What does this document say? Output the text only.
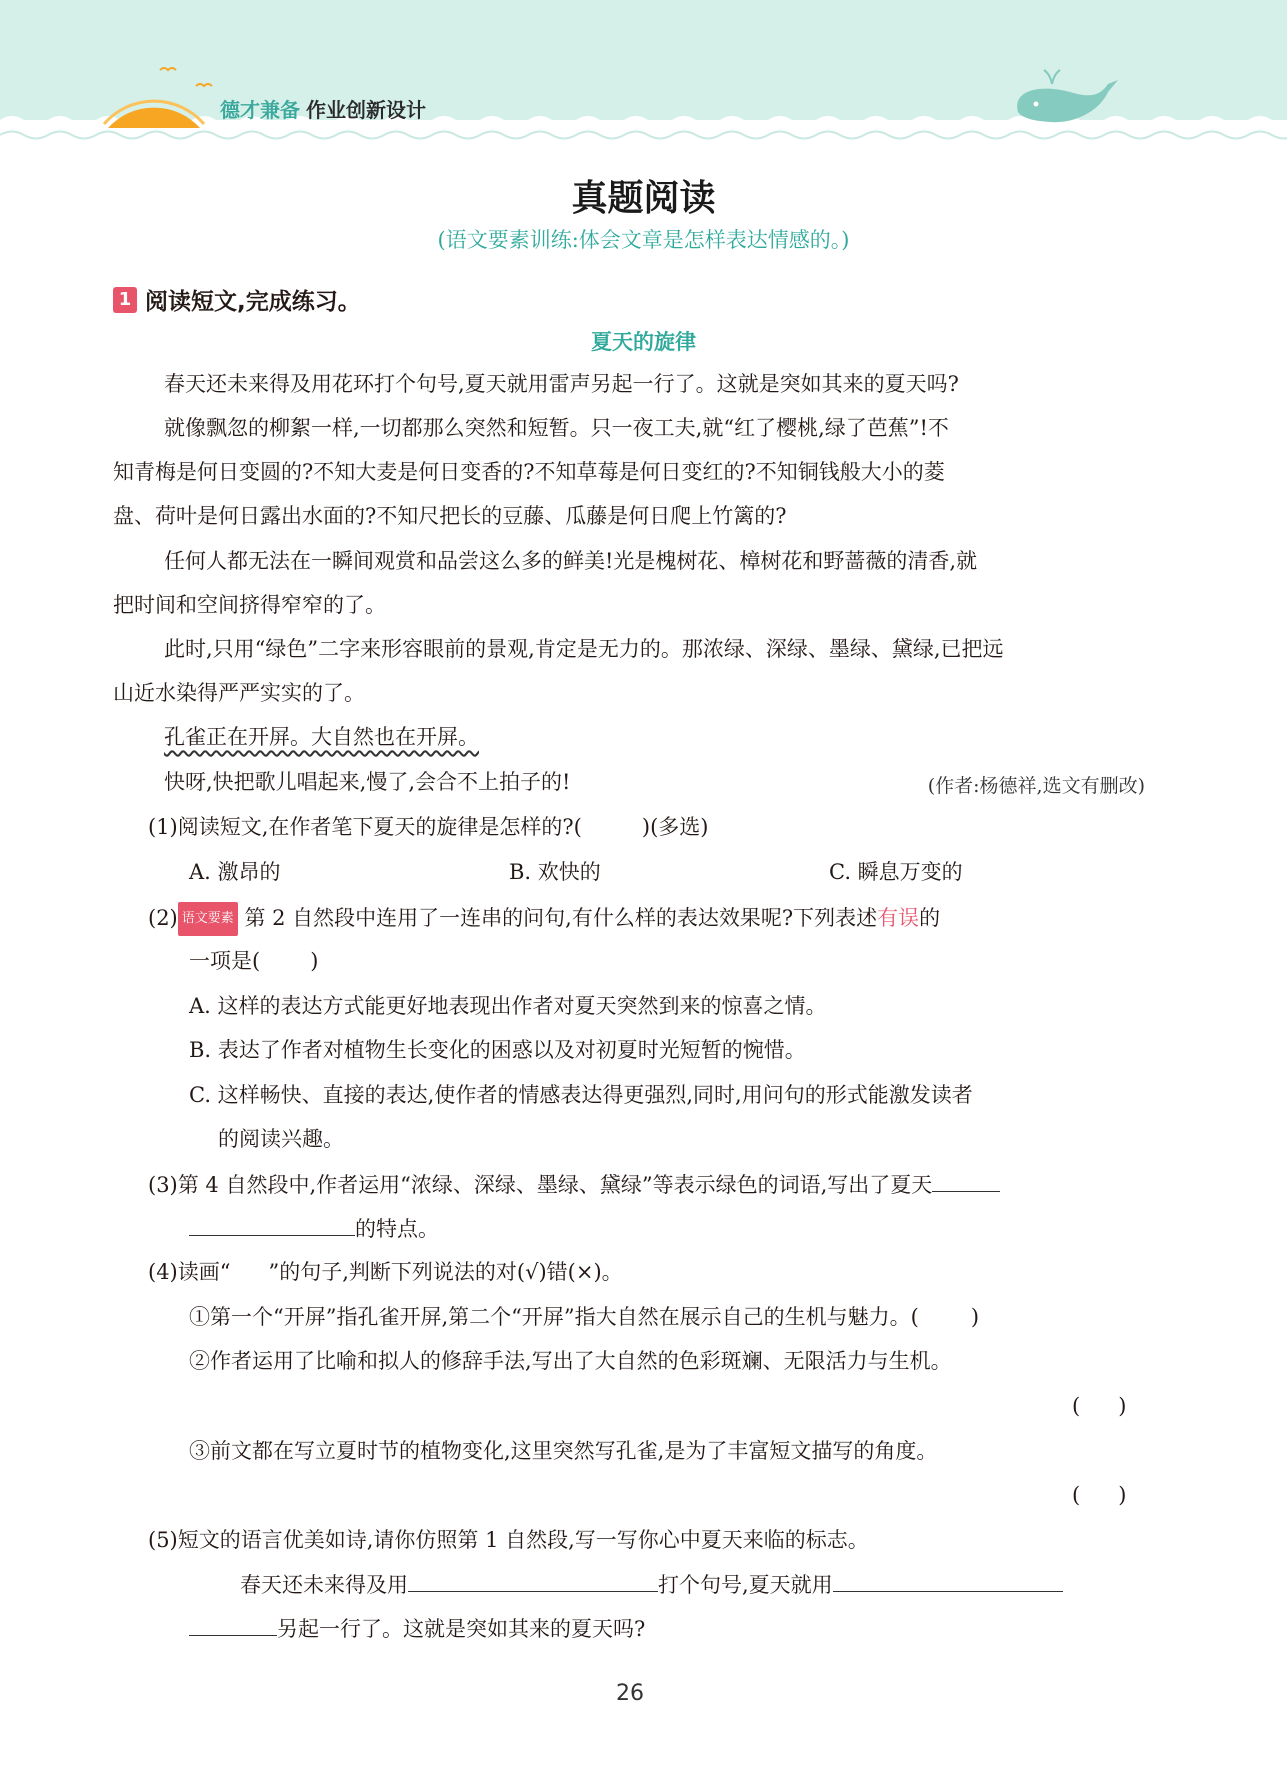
德才兼备 作业创新设计
真题阅读
(语文要素训练:体会文章是怎样表达情感的。)
1 阅读短文,完成练习。
夏天的旋律
春天还未来得及用花环打个句号,夏天就用雷声另起一行了。这就是突如其来的夏天吗?
就像飘忽的柳絮一样,一切都那么突然和短暂。只一夜工夫,就“红了樱桃,绿了芭蕉”!不
知青梅是何日变圆的?不知大麦是何日变香的?不知草莓是何日变红的?不知铜钱般大小的菱
盘、荷叶是何日露出水面的?不知尺把长的豆藤、瓜藤是何日爬上竹篱的?
任何人都无法在一瞬间观赏和品尝这么多的鲜美!光是槐树花、樟树花和野蔷薇的清香,就
把时间和空间挤得窄窄的了。
此时,只用“绿色”二字来形容眼前的景观,肯定是无力的。那浓绿、深绿、墨绿、黛绿,已把远
山近水染得严严实实的了。
孔雀正在开屏。大自然也在开屏。
快呀,快把歌儿唱起来,慢了,会合不上拍子的!	(作者:杨德祥,选文有删改)
(1)阅读短文,在作者笔下夏天的旋律是怎样的?(	)(多选)
A. 激昂的	B. 欢快的	C. 瞬息万变的
(2) 语文要素 第 2 自然段中连用了一连串的问句,有什么样的表达效果呢?下列表述有误的
一项是( )
A. 这样的表达方式能更好地表现出作者对夏天突然到来的惊喜之情。
B. 表达了作者对植物生长变化的困惑以及对初夏时光短暂的惋惜。
C. 这样畅快、直接的表达,使作者的情感表达得更强烈,同时,用问句的形式能激发读者
的阅读兴趣。
(3)第 4 自然段中,作者运用“浓绿、深绿、墨绿、黛绿”等表示绿色的词语,写出了夏天
的特点。
(4)读画“ ”的句子,判断下列说法的对(√)错(×)。
①第一个“开屏”指孔雀开屏,第二个“开屏”指大自然在展示自己的生机与魅力。( )
②作者运用了比喻和拟人的修辞手法,写出了大自然的色彩斑斓、无限活力与生机。
( )
③前文都在写立夏时节的植物变化,这里突然写孔雀,是为了丰富短文描写的角度。
( )
(5)短文的语言优美如诗,请你仿照第 1 自然段,写一写你心中夏天来临的标志。
春天还未来得及用	打个句号,夏天就用
另起一行了。这就是突如其来的夏天吗?
26
